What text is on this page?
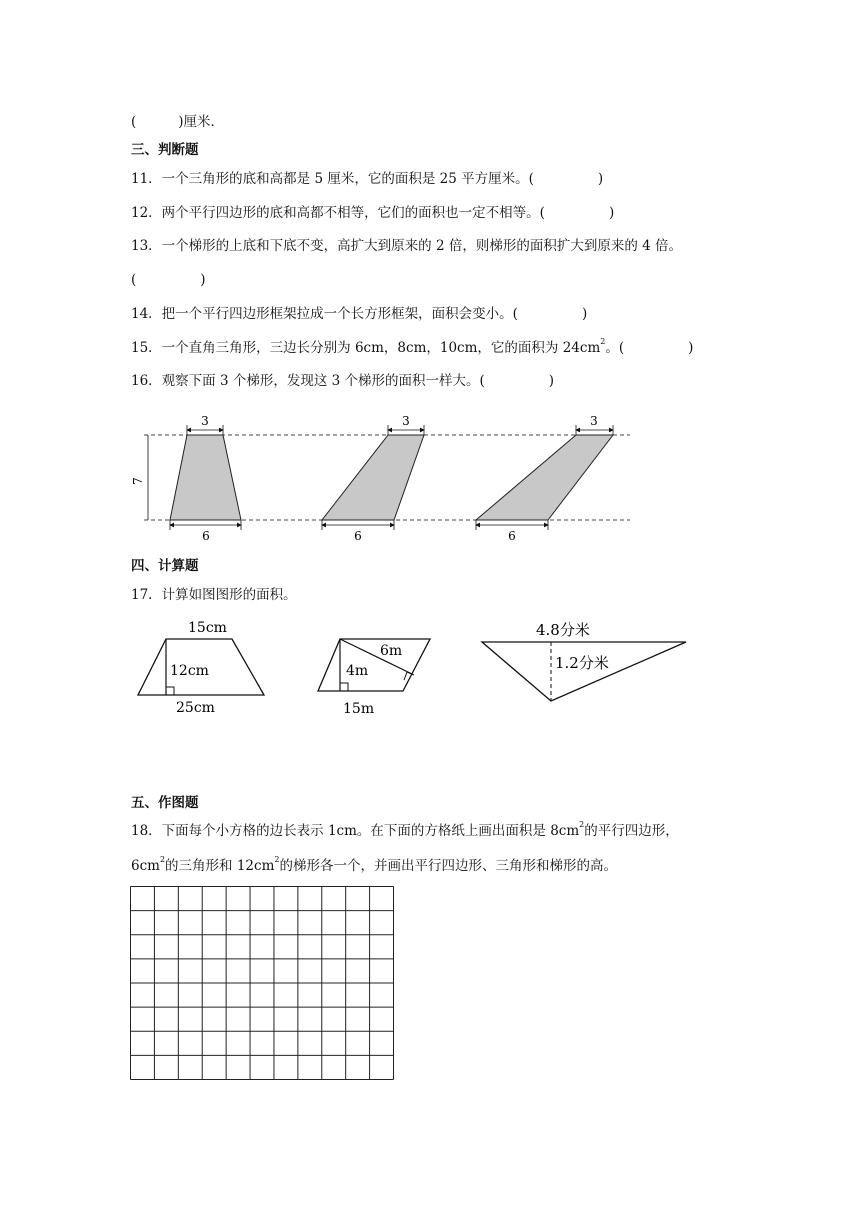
(	)厘米．
三、判断题
11．一个三角形的底和高都是 5 厘米，它的面积是 25 平方厘米。(	)
12．两个平行四边形的底和高都不相等，它们的面积也一定不相等。(	)
13．一个梯形的上底和下底不变，高扩大到原来的 2 倍，则梯形的面积扩大到原来的 4 倍。
(	)
14．把一个平行四边形框架拉成一个长方形框架，面积会变小。(	)
15．一个直角三角形，三边长分别为 6cm，8cm，10cm，它的面积为 $24cm^2$。(	)
16．观察下面 3 个梯形，发现这 3 个梯形的面积一样大。(	)
7
3
6
3
6
3
6
四、计算题
17．计算如图图形的面积。
15cm
12cm
25cm
4m
6m
15m
4.8分米
1.2分米
五、作图题
18．下面每个小方格的边长表示 1cm。在下面的方格纸上画出面积是 $8cm^2$的平行四边形，
$6cm^2$的三角形和 $12cm^2$的梯形各一个，并画出平行四边形、三角形和梯形的高。
